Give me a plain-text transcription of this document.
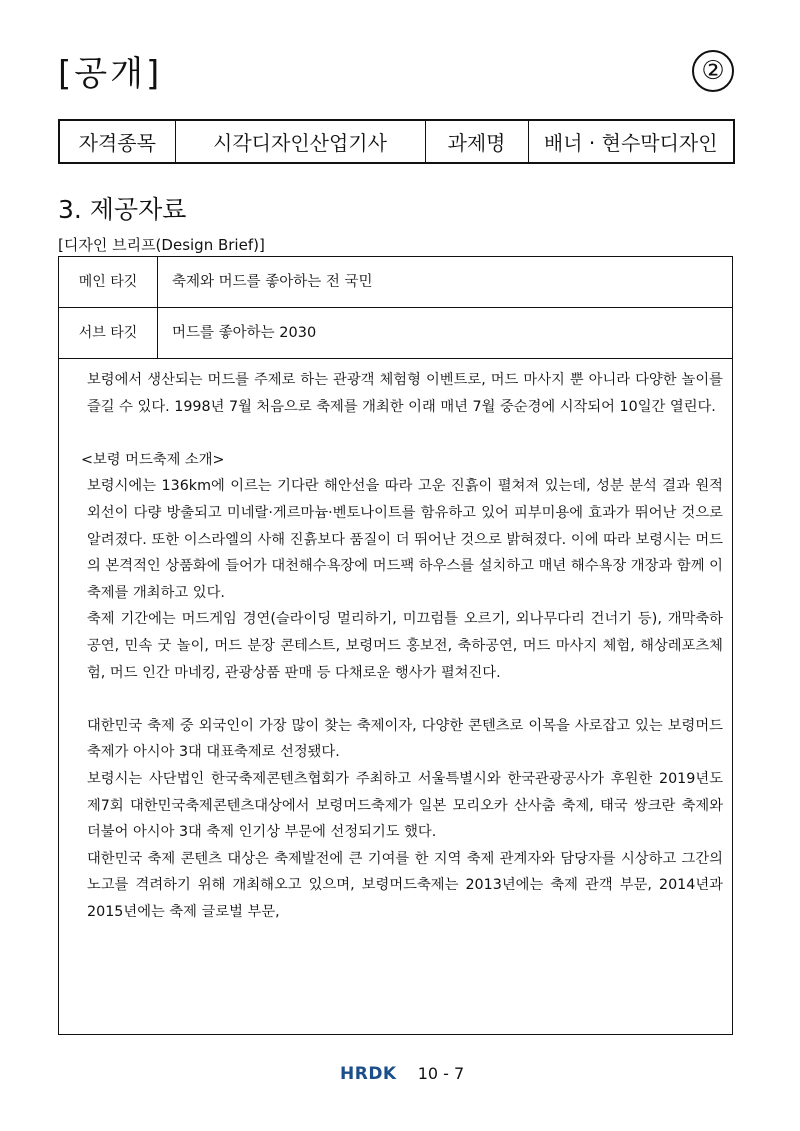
[공개]	②
자격종목	시각디자인산업기사	과제명	배너 · 현수막디자인
3. 제공자료
[디자인 브리프(Design Brief)]
메인 타깃	축제와 머드를 좋아하는 전 국민
서브 타깃	머드를 좋아하는 2030

보령에서 생산되는 머드를 주제로 하는 관광객 체험형 이벤트로, 머드 마사지 뿐 아니라 다양한 놀이를 즐길 수 있다. 1998년 7월 처음으로 축제를 개최한 이래 매년 7월 중순경에 시작되어 10일간 열린다.

<보령 머드축제 소개>

보령시에는 136km에 이르는 기다란 해안선을 따라 고운 진흙이 펼쳐져 있는데, 성분 분석 결과 원적외선이 다량 방출되고 미네랄·게르마늄·벤토나이트를 함유하고 있어 피부미용에 효과가 뛰어난 것으로 알려졌다. 또한 이스라엘의 사해 진흙보다 품질이 더 뛰어난 것으로 밝혀졌다. 이에 따라 보령시는 머드의 본격적인 상품화에 들어가 대천해수욕장에 머드팩 하우스를 설치하고 매년 해수욕장 개장과 함께 이 축제를 개최하고 있다.

축제 기간에는 머드게임 경연(슬라이딩 멀리하기, 미끄럼틀 오르기, 외나무다리 건너기 등), 개막축하공연, 민속 굿 놀이, 머드 분장 콘테스트, 보령머드 홍보전, 축하공연, 머드 마사지 체험, 해상레포츠체험, 머드 인간 마네킹, 관광상품 판매 등 다채로운 행사가 펼쳐진다.

대한민국 축제 중 외국인이 가장 많이 찾는 축제이자, 다양한 콘텐츠로 이목을 사로잡고 있는 보령머드축제가 아시아 3대 대표축제로 선정됐다.

보령시는 사단법인 한국축제콘텐츠협회가 주최하고 서울특별시와 한국관광공사가 후원한 2019년도 제7회 대한민국축제콘텐츠대상에서 보령머드축제가 일본 모리오카 산사춤 축제, 태국 쌍크란 축제와 더불어 아시아 3대 축제 인기상 부문에 선정되기도 했다.

대한민국 축제 콘텐츠 대상은 축제발전에 큰 기여를 한 지역 축제 관계자와 담당자를 시상하고 그간의 노고를 격려하기 위해 개최해오고 있으며, 보령머드축제는 2013년에는 축제 관객 부문, 2014년과 2015년에는 축제 글로벌 부문,

HRDK 10 - 7
